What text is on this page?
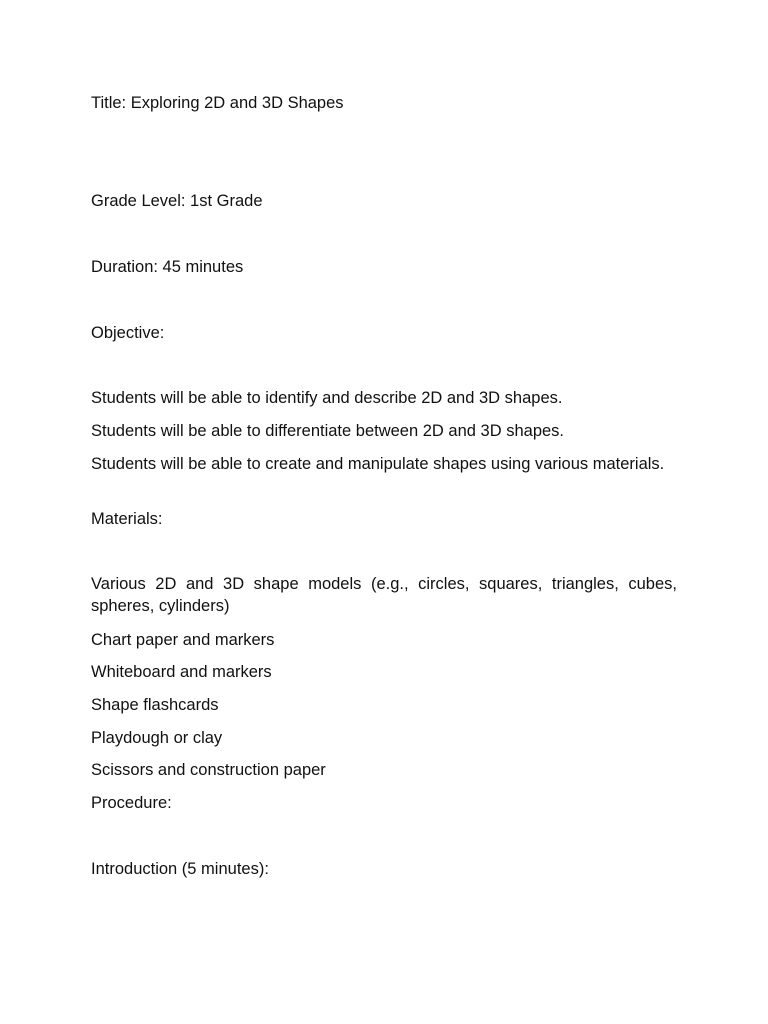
Title: Exploring 2D and 3D Shapes
Grade Level: 1st Grade
Duration: 45 minutes
Objective:
Students will be able to identify and describe 2D and 3D shapes.
Students will be able to differentiate between 2D and 3D shapes.
Students will be able to create and manipulate shapes using various materials.
Materials:
Various 2D and 3D shape models (e.g., circles, squares, triangles, cubes, spheres, cylinders)
Chart paper and markers
Whiteboard and markers
Shape flashcards
Playdough or clay
Scissors and construction paper
Procedure:
Introduction (5 minutes):
